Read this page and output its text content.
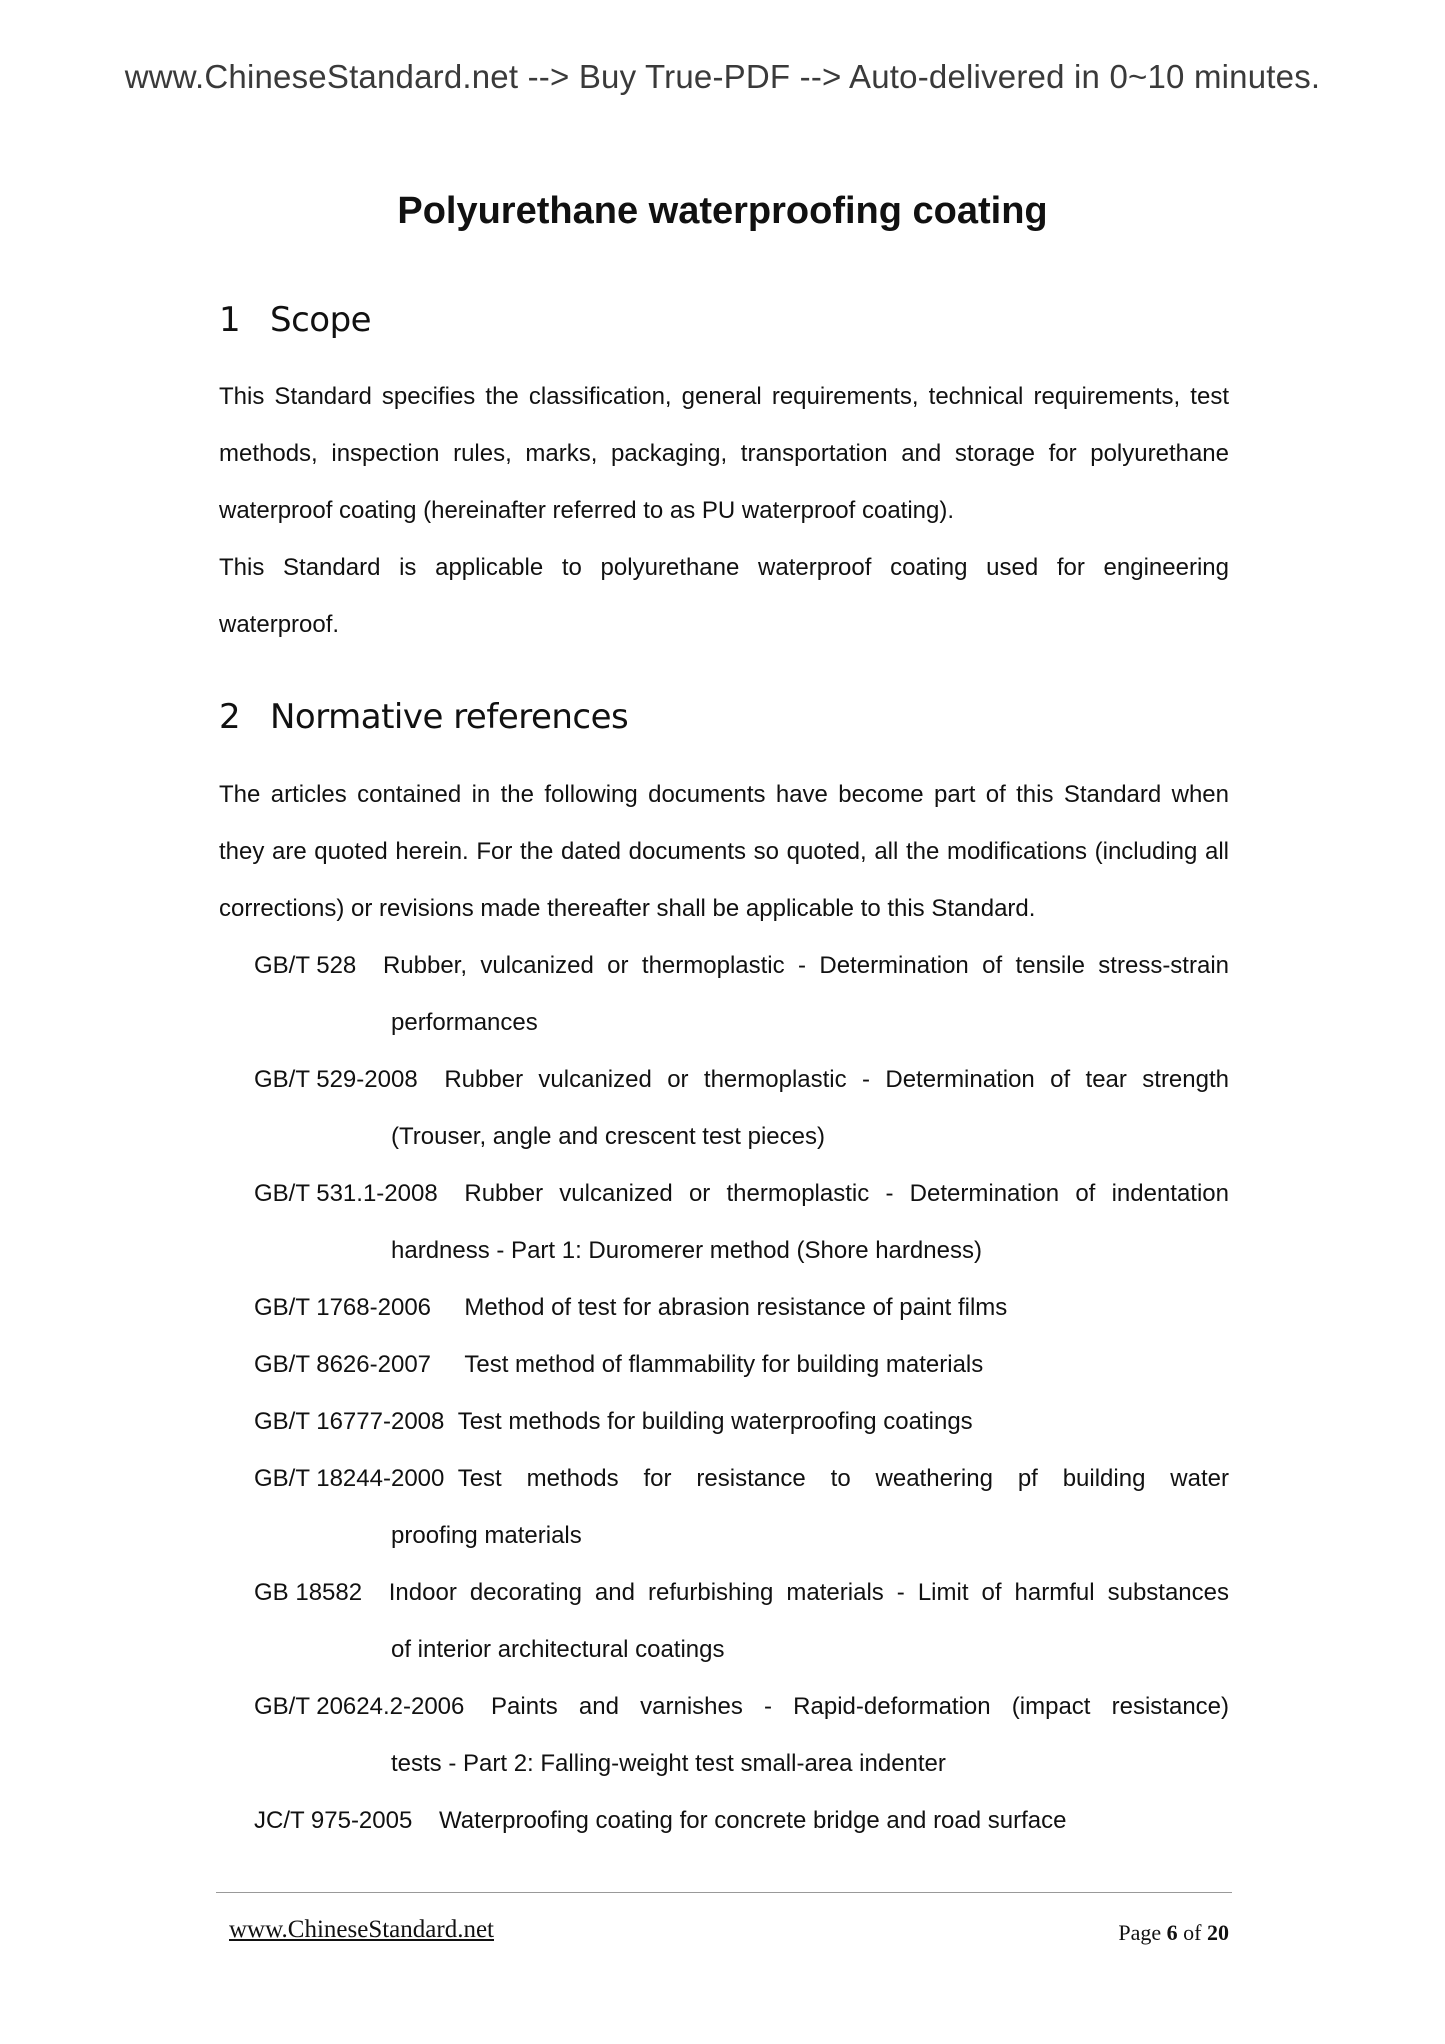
www.ChineseStandard.net --> Buy True-PDF --> Auto-delivered in 0~10 minutes.
Polyurethane waterproofing coating
1 Scope
This Standard specifies the classification, general requirements, technical requirements, test methods, inspection rules, marks, packaging, transportation and storage for polyurethane waterproof coating (hereinafter referred to as PU waterproof coating).
This Standard is applicable to polyurethane waterproof coating used for engineering waterproof.
2 Normative references
The articles contained in the following documents have become part of this Standard when they are quoted herein. For the dated documents so quoted, all the modifications (including all corrections) or revisions made thereafter shall be applicable to this Standard.
GB/T 528
Rubber, vulcanized or thermoplastic - Determination of tensile stress-strain
performances
GB/T 529-2008
Rubber vulcanized or thermoplastic - Determination of tear strength
(Trouser, angle and crescent test pieces)
GB/T 531.1-2008
Rubber vulcanized or thermoplastic - Determination of indentation
hardness - Part 1: Duromerer method (Shore hardness)
GB/T 1768-2006
Method of test for abrasion resistance of paint films
GB/T 8626-2007
Test method of flammability for building materials
GB/T 16777-2008
Test methods for building waterproofing coatings
GB/T 18244-2000
Test methods for resistance to weathering pf building water
proofing materials
GB 18582
Indoor decorating and refurbishing materials - Limit of harmful substances
of interior architectural coatings
GB/T 20624.2-2006
Paints and varnishes - Rapid-deformation (impact resistance)
tests - Part 2: Falling-weight test small-area indenter
JC/T 975-2005
Waterproofing coating for concrete bridge and road surface
www.ChineseStandard.net	Page 6 of 20
